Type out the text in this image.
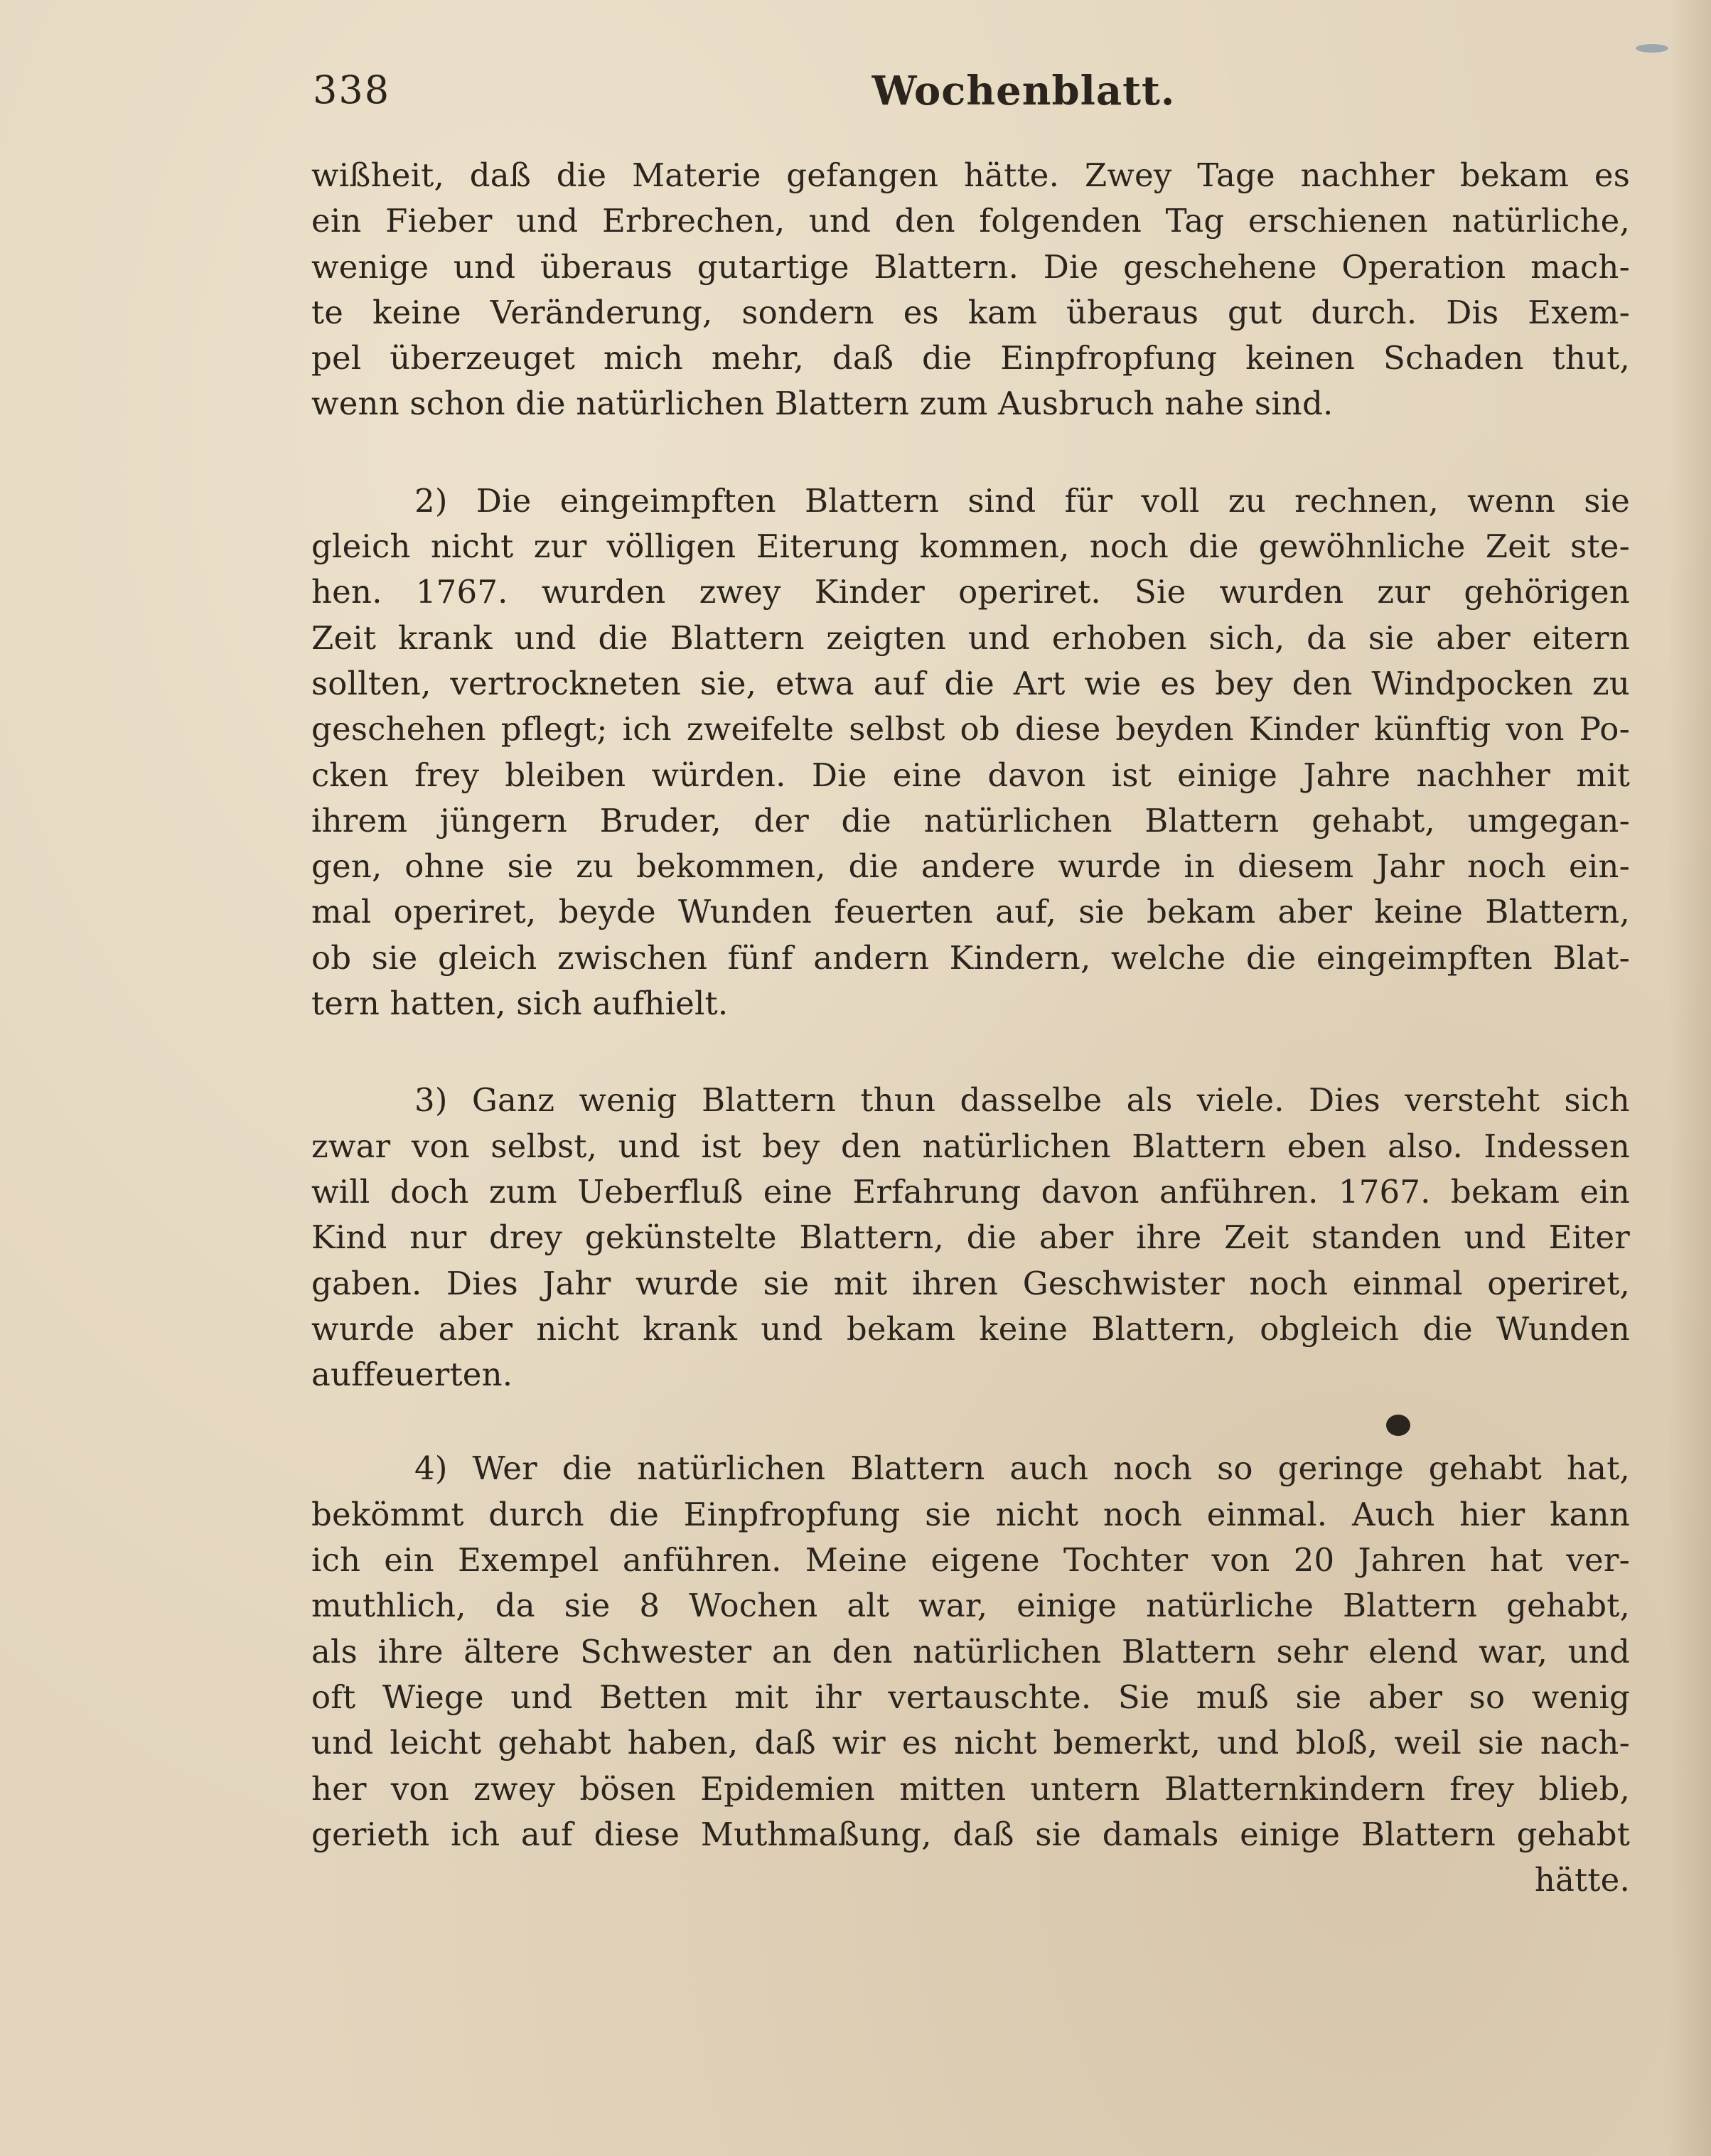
338	Wochenblatt.

wißheit, daß die Materie gefangen hätte. Zwey Tage nachher bekam es
ein Fieber und Erbrechen, und den folgenden Tag erschienen natürliche,
wenige und überaus gutartige Blattern. Die geschehene Operation mach-
te keine Veränderung, sondern es kam überaus gut durch. Dis Exem-
pel überzeuget mich mehr, daß die Einpfropfung keinen Schaden thut,
wenn schon die natürlichen Blattern zum Ausbruch nahe sind.

2) Die eingeimpften Blattern sind für voll zu rechnen, wenn sie
gleich nicht zur völligen Eiterung kommen, noch die gewöhnliche Zeit ste-
hen. 1767. wurden zwey Kinder operiret. Sie wurden zur gehörigen
Zeit krank und die Blattern zeigten und erhoben sich, da sie aber eitern
sollten, vertrockneten sie, etwa auf die Art wie es bey den Windpocken zu
geschehen pflegt; ich zweifelte selbst ob diese beyden Kinder künftig von Po-
cken frey bleiben würden. Die eine davon ist einige Jahre nachher mit
ihrem jüngern Bruder, der die natürlichen Blattern gehabt, umgegan-
gen, ohne sie zu bekommen, die andere wurde in diesem Jahr noch ein-
mal operiret, beyde Wunden feuerten auf, sie bekam aber keine Blattern,
ob sie gleich zwischen fünf andern Kindern, welche die eingeimpften Blat-
tern hatten, sich aufhielt.

3) Ganz wenig Blattern thun dasselbe als viele. Dies versteht sich
zwar von selbst, und ist bey den natürlichen Blattern eben also. Indessen
will doch zum Ueberfluß eine Erfahrung davon anführen. 1767. bekam ein
Kind nur drey gekünstelte Blattern, die aber ihre Zeit standen und Eiter
gaben. Dies Jahr wurde sie mit ihren Geschwister noch einmal operiret,
wurde aber nicht krank und bekam keine Blattern, obgleich die Wunden
auffeuerten.

4) Wer die natürlichen Blattern auch noch so geringe gehabt hat,
bekömmt durch die Einpfropfung sie nicht noch einmal. Auch hier kann
ich ein Exempel anführen. Meine eigene Tochter von 20 Jahren hat ver-
muthlich, da sie 8 Wochen alt war, einige natürliche Blattern gehabt,
als ihre ältere Schwester an den natürlichen Blattern sehr elend war, und
oft Wiege und Betten mit ihr vertauschte. Sie muß sie aber so wenig
und leicht gehabt haben, daß wir es nicht bemerkt, und bloß, weil sie nach-
her von zwey bösen Epidemien mitten untern Blatternkindern frey blieb,
gerieth ich auf diese Muthmaßung, daß sie damals einige Blattern gehabt
hätte.
